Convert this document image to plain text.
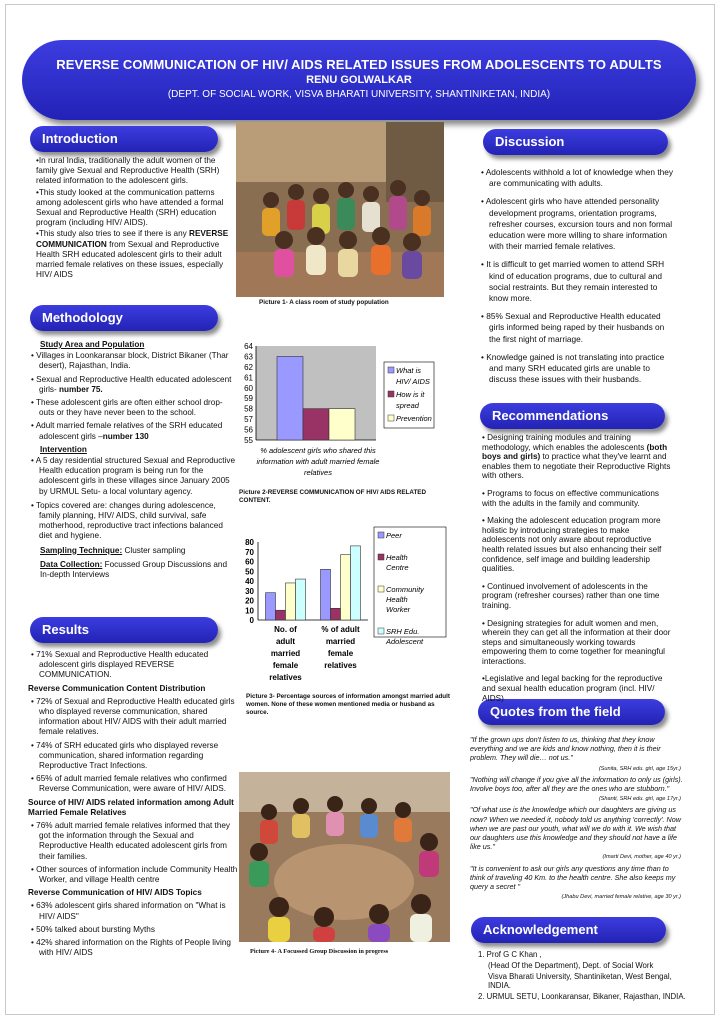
REVERSE COMMUNICATION OF HIV/ AIDS RELATED ISSUES FROM ADOLESCENTS TO ADULTS
RENU GOLWALKAR
(DEPT. OF SOCIAL WORK, VISVA BHARATI UNIVERSITY, SHANTINIKETAN, INDIA)
Introduction
Methodology
Results
Discussion
Recommendations
Quotes from the field
Acknowledgement

•In rural India, traditionally the adult women of the family give Sexual and Reproductive Health (SRH) related information to the adolescent girls.

•This study looked at the communication patterns among adolescent girls who have attended a formal Sexual and Reproductive Health (SRH) education program (including HIV/ AIDS).

•This study also tries to see if there is any REVERSE COMMUNICATION from Sexual and Reproductive Health SRH educated adolescent girls to their adult married female relatives on these issues, especially HIV/ AIDS

Study Area and Population

• Villages in Loonkaransar block, District Bikaner (Thar desert), Rajasthan, India.

• Sexual and Reproductive Health educated adolescent girls- number 75.

• These adolescent girls are often either school drop-outs or they have never been to the school.

• Adult married female relatives of the SRH educated adolescent girls –number 130

Intervention

• A 5 day residential structured Sexual and Reproductive Health education program is being run for the adolescent girls in these villages since January 2005 by URMUL Setu- a local voluntary agency.

• Topics covered are: changes during adolescence, family planning, HIV/ AIDS, child survival, safe motherhood, reproductive tract infections balanced diet and hygiene.

Sampling Technique: Cluster sampling

Data Collection: Focussed Group Discussions and In-depth Interviews

• 71% Sexual and Reproductive Health educated adolescent girls displayed REVERSE COMMUNICATION.

Reverse Communication Content Distribution

• 72% of Sexual and Reproductive Health educated girls who displayed reverse communication, shared information about HIV/ AIDS with their adult married female relatives.

• 74% of SRH educated girls who displayed reverse communication, shared information regarding Reproductive Tract Infections.

• 65% of adult married female relatives who confirmed Reverse Communication, were aware of HIV/ AIDS.

Source of HIV/ AIDS related information among Adult Married Female Relatives

• 76% adult married female relatives informed that they got the information through the Sexual and Reproductive Health educated adolescent girls from their families.

• Other sources of information include Community Health Worker, and village Health centre

Reverse Communication of HIV/ AIDS Topics

• 63% adolescent girls shared information on "What is HIV/ AIDS"

• 50% talked about bursting Myths

• 42% shared information on the Rights of People living with HIV/ AIDS

Picture 1- A class room of study population
55
56
57
58
59
60
61
62
63
64
% adolescent girls who shared this
information with adult married female
relatives
What is
HIV/ AIDS
How is it
spread
Prevention
Picture 2-REVERSE COMMUNICATION OF HIV/ AIDS RELATED CONTENT.
0
10
20
30
40
50
60
70
80
No. of
adult
married
female
relatives
% of adult
married
female
relatives
Peer
Health
Centre
Community
Health
Worker
SRH Edu.
Adolescent
Picture 3- Percentage sources of information amongst married adult women. None of these women mentioned media or husband as source.
Picture 4- A Focussed Group Discussion in progress

• Adolescents withhold a lot of knowledge when they are communicating with adults.

• Adolescent girls who have attended personality development programs, orientation programs, refresher courses, excursion tours and non formal education were more willing to share information with their married female relatives.

• It is difficult to get married women to attend SRH kind of education programs, due to cultural and social restraints. But they remain interested to know more.

• 85% Sexual and Reproductive Health educated girls informed being raped by their husbands on the first night of marriage.

• Knowledge gained is not translating into practice and many SRH educated girls are unable to discuss these issues with their husbands.

• Designing training modules and training methodology, which enables the adolescents (both boys and girls) to practice what they've learnt and enables them to negotiate their Reproductive Rights with others.

• Programs to focus on effective communications with the adults in the family and community.

• Making the adolescent education program more holistic by introducing strategies to make adolescents not only aware about reproductive health related issues but also enhancing their self confidence, self image and building leadership qualities.

• Continued involvement of adolescents in the program (refresher courses) rather than one time training.

• Designing strategies for adult women and men, wherein they can get all the information at their door steps and simultaneously working towards empowering them to come together for meaningful interactions.

•Legislative and legal backing for the reproductive and sexual health education program (incl. HIV/ AIDS)

"If the grown ups don't listen to us, thinking that they know everything and we are kids and know nothing, then it is their problem. They will die… not us."

(Sunita, SRH edu. girl, age 15yr.)

"Nothing will change if you give all the information to only us (girls). Involve boys too, after all they are the ones who are stubborn."

(Shanti, SRH edu. girl, age 17yr.)

"Of what use is the knowledge which our daughters are giving us now? When we needed it, nobody told us anything 'correctly'. Now when we are past our youth, what will we do with it. We wish that our daughters use this knowledge and they should not have a life like us."

(Imarti Devi, mother, age 40 yr.)

"It is convenient to ask our girls any questions any time than to think of traveling 40 Km. to the health centre. She also keeps my query a secret "

(Jhabu Devi, married female relative, age 30 yr.)

1. Prof G C Khan ,

(Head Of the Department), Dept. of Social Work

Visva Bharati University, Shantiniketan, West Bengal, INDIA.

2. URMUL SETU, Loonkaransar, Bikaner, Rajasthan, INDIA.
